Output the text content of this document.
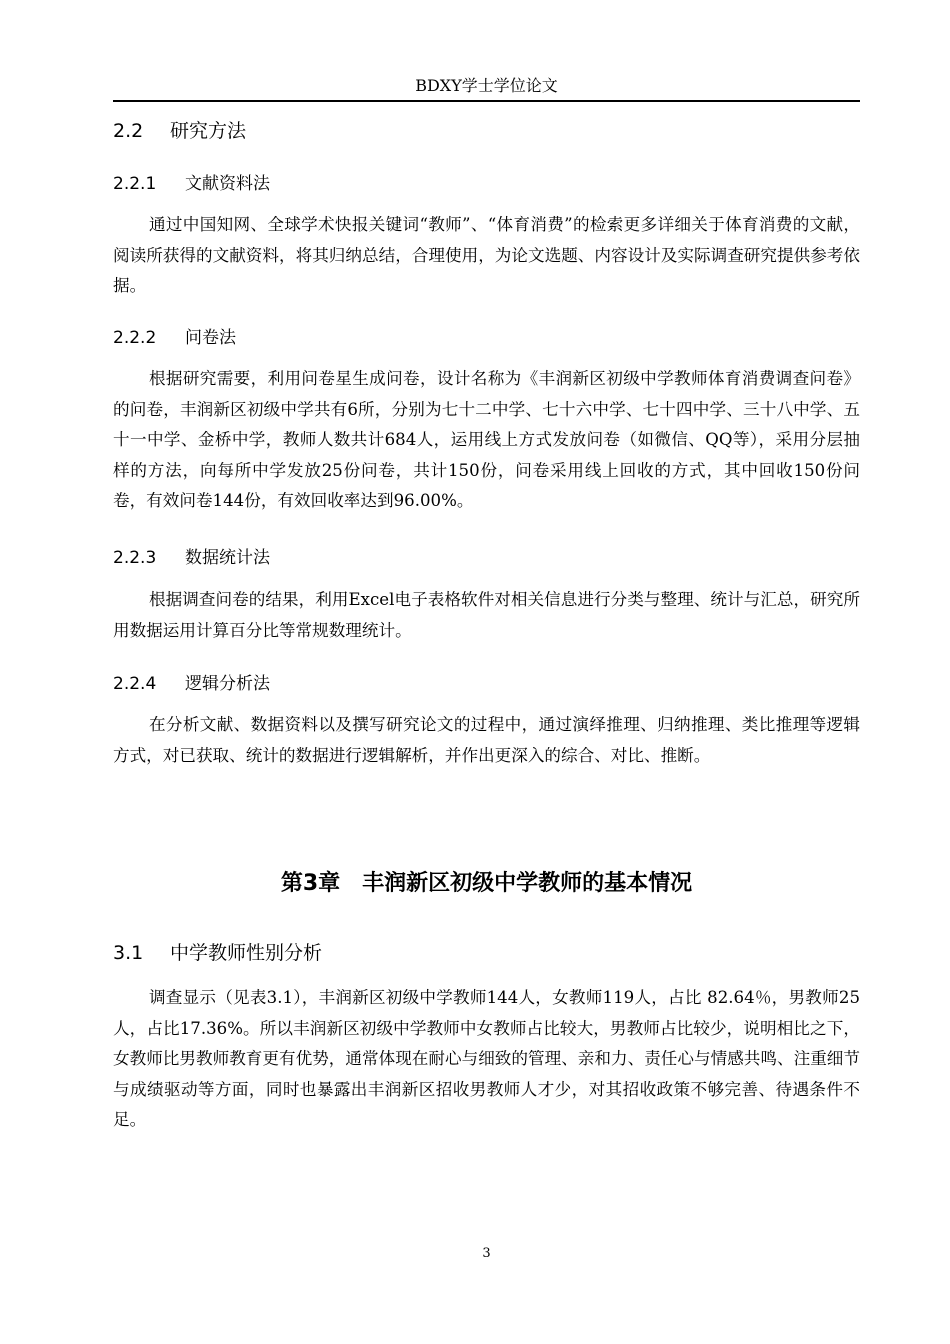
BDXY学士学位论文
2.2 研究方法
2.2.1 文献资料法

通过中国知网、全球学术快报关键词“教师”、“体育消费”的检索更多详细关于体育消费的文献，阅读所获得的文献资料，将其归纳总结，合理使用，为论文选题、内容设计及实际调查研究提供参考依据。

2.2.2 问卷法

根据研究需要，利用问卷星生成问卷，设计名称为《丰润新区初级中学教师体育消费调查问卷》的问卷，丰润新区初级中学共有6所，分别为七十二中学、七十六中学、七十四中学、三十八中学、五十一中学、金桥中学，教师人数共计684人，运用线上方式发放问卷（如微信、QQ等），采用分层抽样的方法，向每所中学发放25份问卷，共计150份，问卷采用线上回收的方式，其中回收150份问卷，有效问卷144份，有效回收率达到96.00%。

2.2.3 数据统计法

根据调查问卷的结果，利用Excel电子表格软件对相关信息进行分类与整理、统计与汇总，研究所用数据运用计算百分比等常规数理统计。

2.2.4 逻辑分析法

在分析文献、数据资料以及撰写研究论文的过程中，通过演绎推理、归纳推理、类比推理等逻辑方式，对已获取、统计的数据进行逻辑解析，并作出更深入的综合、对比、推断。

第3章 丰润新区初级中学教师的基本情况
3.1 中学教师性别分析

调查显示（见表3.1），丰润新区初级中学教师144人，女教师119人，占比 82.64％，男教师25人，占比17.36%。所以丰润新区初级中学教师中女教师占比较大，男教师占比较少，说明相比之下，女教师比男教师教育更有优势，通常体现在耐心与细致的管理、亲和力、责任心与情感共鸣、注重细节与成绩驱动等方面，同时也暴露出丰润新区招收男教师人才少，对其招收政策不够完善、待遇条件不足。

3
